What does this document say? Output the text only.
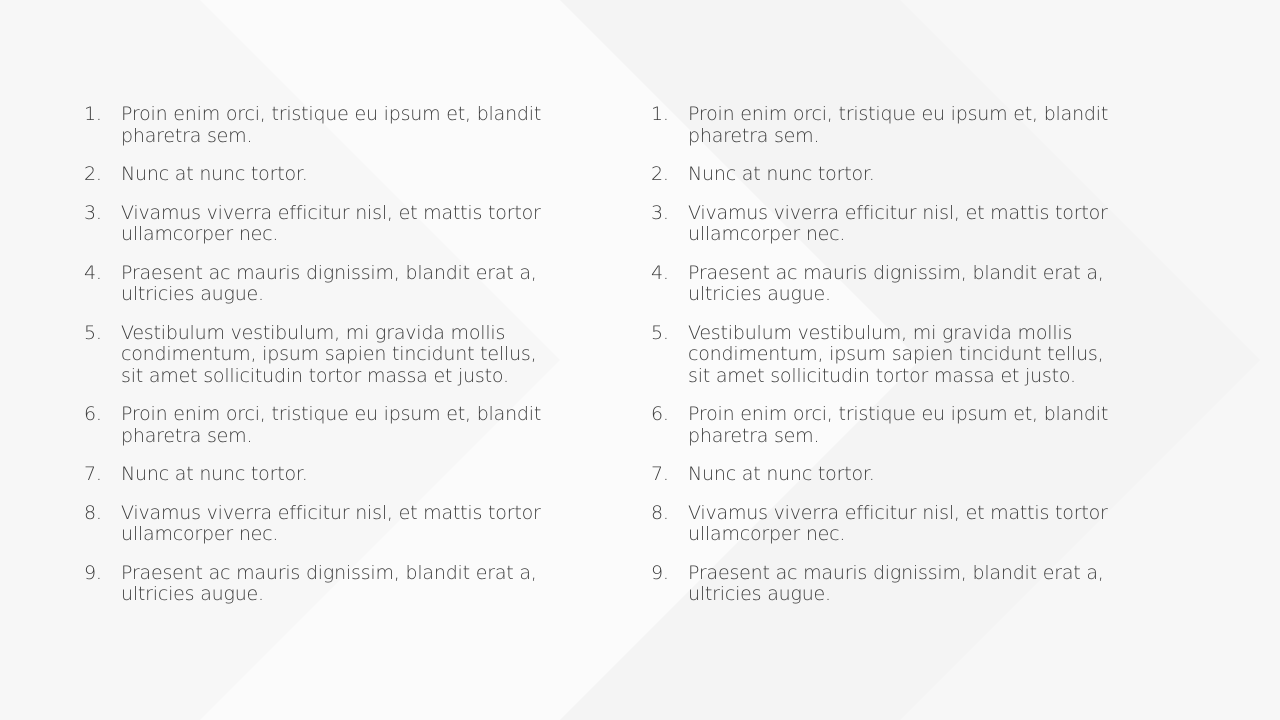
1.	Proin enim orci, tristique eu ipsum et, blandit pharetra sem.
2.	Nunc at nunc tortor.
3.	Vivamus viverra efficitur nisl, et mattis tortor ullamcorper nec.
4.	Praesent ac mauris dignissim, blandit erat a, ultricies augue.
5.	Vestibulum vestibulum, mi gravida mollis condimentum, ipsum sapien tincidunt tellus, sit amet sollicitudin tortor massa et justo.
6.	Proin enim orci, tristique eu ipsum et, blandit pharetra sem.
7.	Nunc at nunc tortor.
8.	Vivamus viverra efficitur nisl, et mattis tortor ullamcorper nec.
9.	Praesent ac mauris dignissim, blandit erat a, ultricies augue.
1.	Proin enim orci, tristique eu ipsum et, blandit pharetra sem.
2.	Nunc at nunc tortor.
3.	Vivamus viverra efficitur nisl, et mattis tortor ullamcorper nec.
4.	Praesent ac mauris dignissim, blandit erat a, ultricies augue.
5.	Vestibulum vestibulum, mi gravida mollis condimentum, ipsum sapien tincidunt tellus, sit amet sollicitudin tortor massa et justo.
6.	Proin enim orci, tristique eu ipsum et, blandit pharetra sem.
7.	Nunc at nunc tortor.
8.	Vivamus viverra efficitur nisl, et mattis tortor ullamcorper nec.
9.	Praesent ac mauris dignissim, blandit erat a, ultricies augue.
